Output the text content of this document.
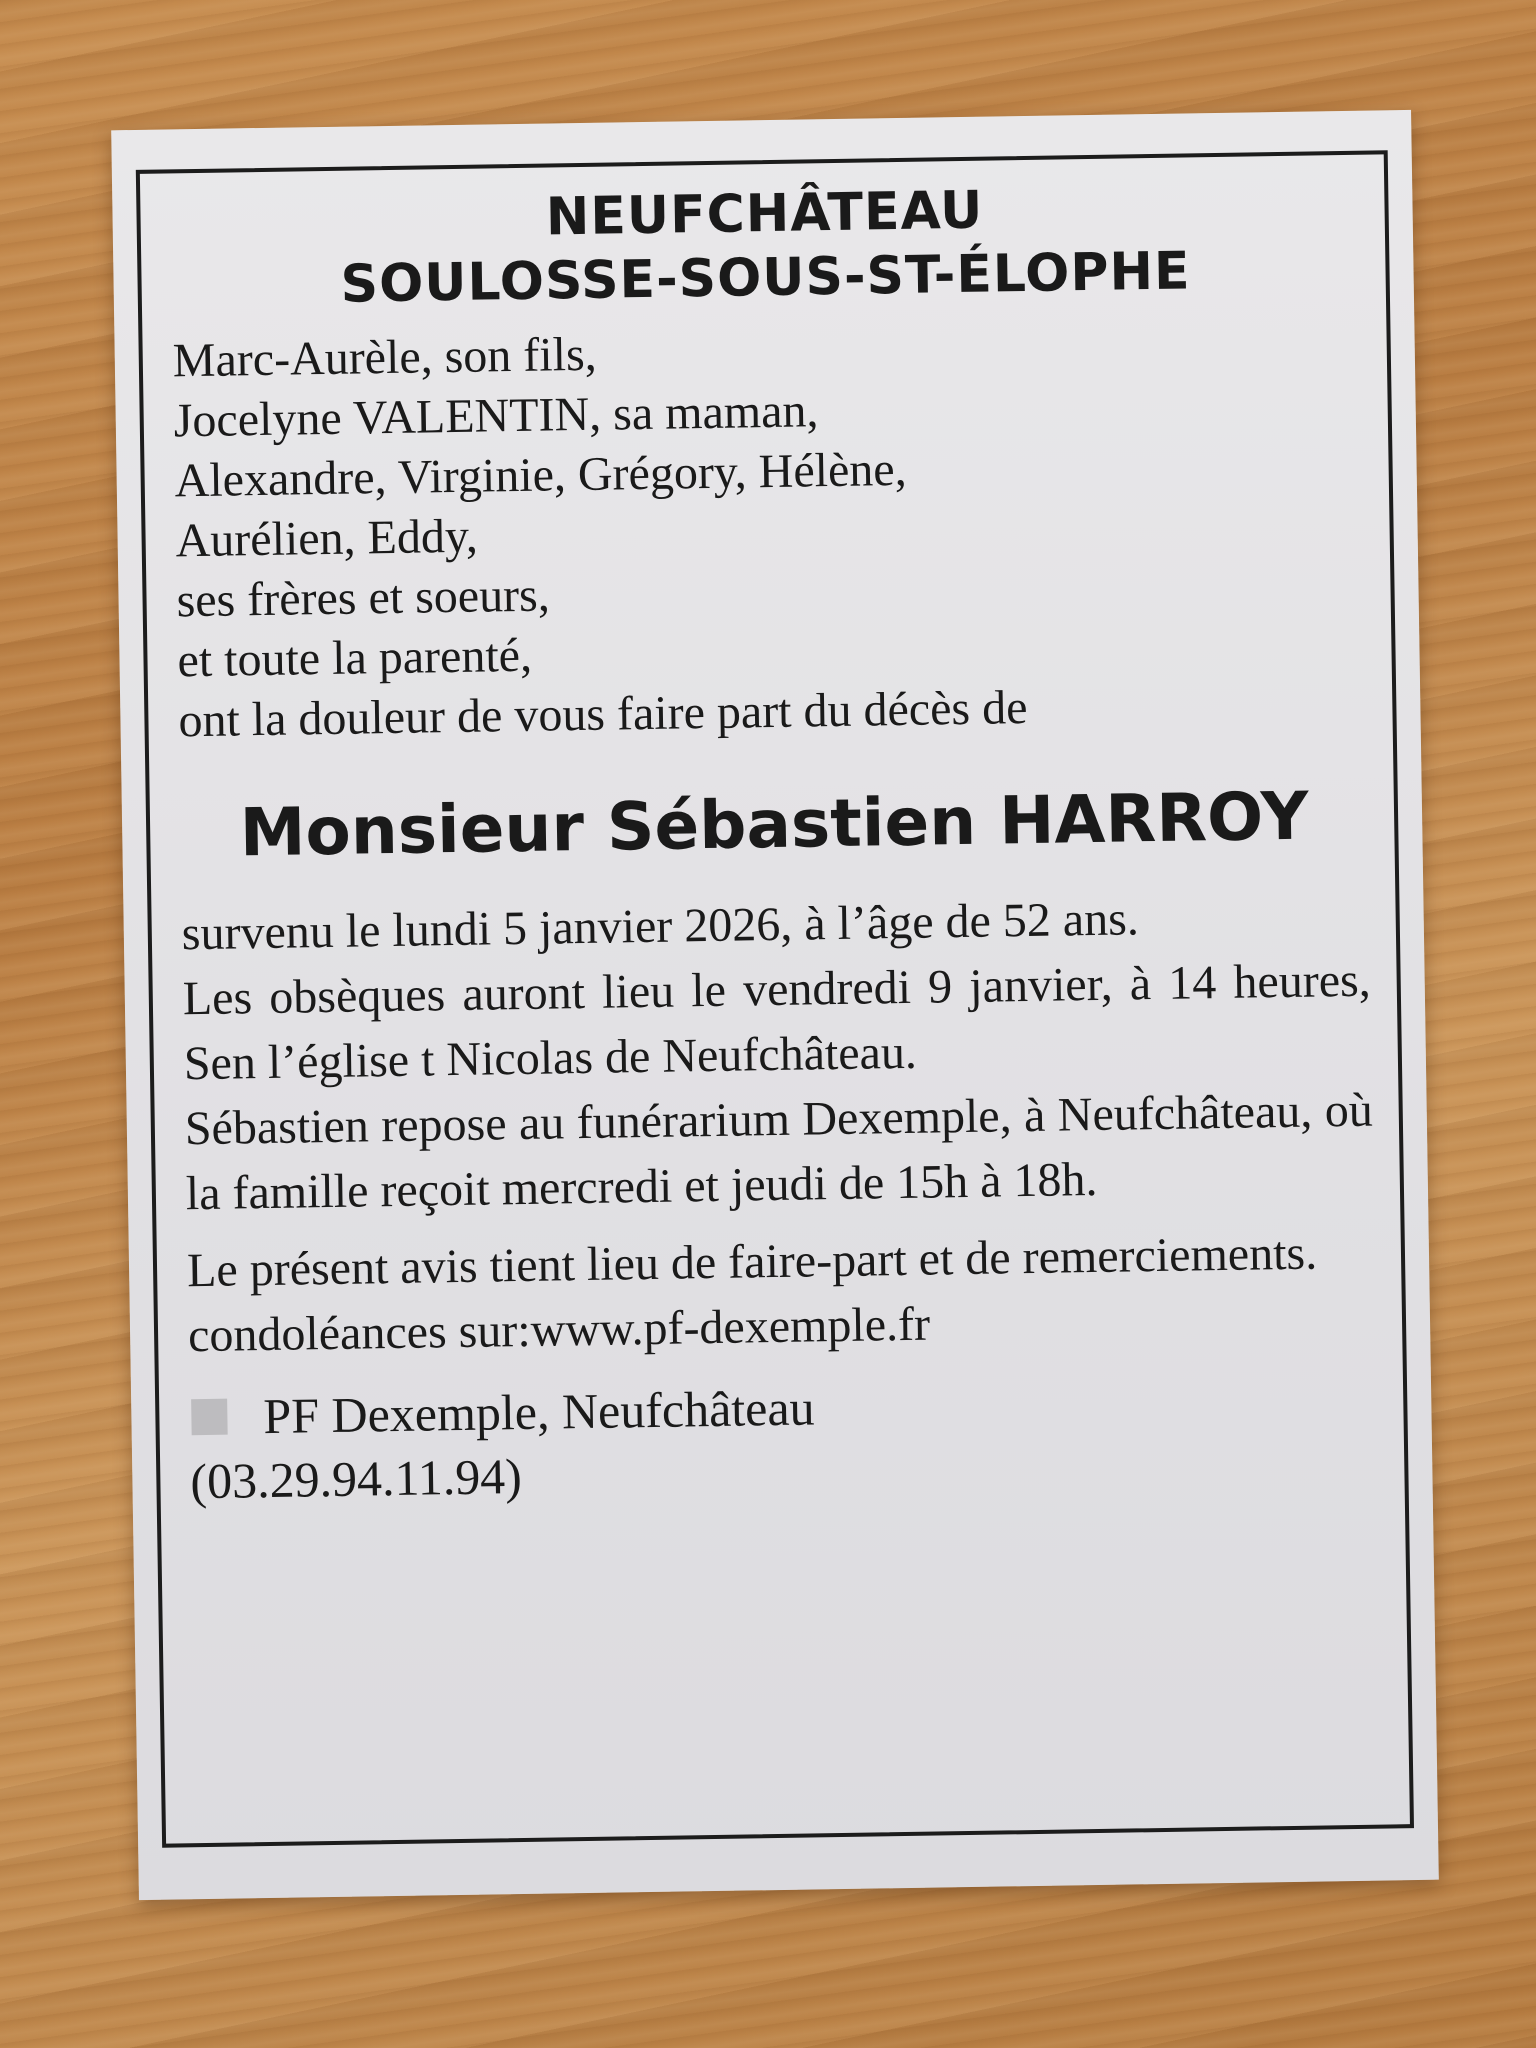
NEUFCHÂTEAU
SOULOSSE-SOUS-ST-ÉLOPHE
Marc-Aurèle, son fils,
Jocelyne VALENTIN, sa maman,
Alexandre, Virginie, Grégory, Hélène,
Aurélien, Eddy,
ses frères et soeurs,
et toute la parenté,
ont la douleur de vous faire part du décès de
Monsieur Sébastien HARROY
survenu le lundi 5 janvier 2026, à l’âge de 52 ans.
Les obsèques auront lieu le vendredi 9 janvier, à 14 heures, Sen l’église t Nicolas de Neufchâteau.
Sébastien repose au funérarium Dexemple, à Neufchâteau, où la famille reçoit mercredi et jeudi de 15h à 18h.
Le présent avis tient lieu de faire-part et de remerciements.
condoléances sur:www.pf-dexemple.fr
PF Dexemple, Neufchâteau
(03.29.94.11.94)
